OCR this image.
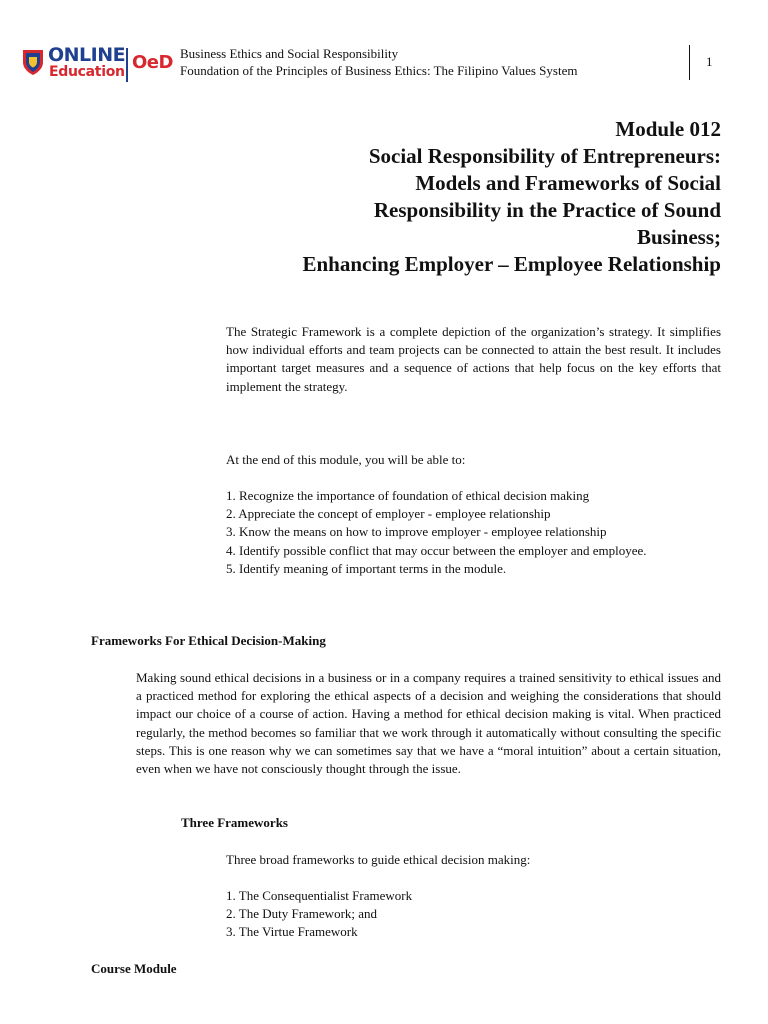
ONLINE
Education OeD Business Ethics and Social Responsibility
Foundation of the Principles of Business Ethics: The Filipino Values System
1
Module 012
Social Responsibility of Entrepreneurs:
Models and Frameworks of Social
Responsibility in the Practice of Sound
Business;
Enhancing Employer – Employee Relationship

The Strategic Framework is a complete depiction of the organization’s strategy. It simplifies how individual efforts and team projects can be connected to attain the best result. It includes important target measures and a sequence of actions that help focus on the key efforts that implement the strategy.

At the end of this module, you will be able to:

1. Recognize the importance of foundation of ethical decision making
2. Appreciate the concept of employer - employee relationship
3. Know the means on how to improve employer - employee relationship
4. Identify possible conflict that may occur between the employer and employee.
5. Identify meaning of important terms in the module.
Frameworks For Ethical Decision-Making

Making sound ethical decisions in a business or in a company requires a trained sensitivity to ethical issues and a practiced method for exploring the ethical aspects of a decision and weighing the considerations that should impact our choice of a course of action. Having a method for ethical decision making is vital. When practiced regularly, the method becomes so familiar that we work through it automatically without consulting the specific steps. This is one reason why we can sometimes say that we have a “moral intuition” about a certain situation, even when we have not consciously thought through the issue.

Three Frameworks

Three broad frameworks to guide ethical decision making:

1. The Consequentialist Framework
2. The Duty Framework; and
3. The Virtue Framework
Course Module
